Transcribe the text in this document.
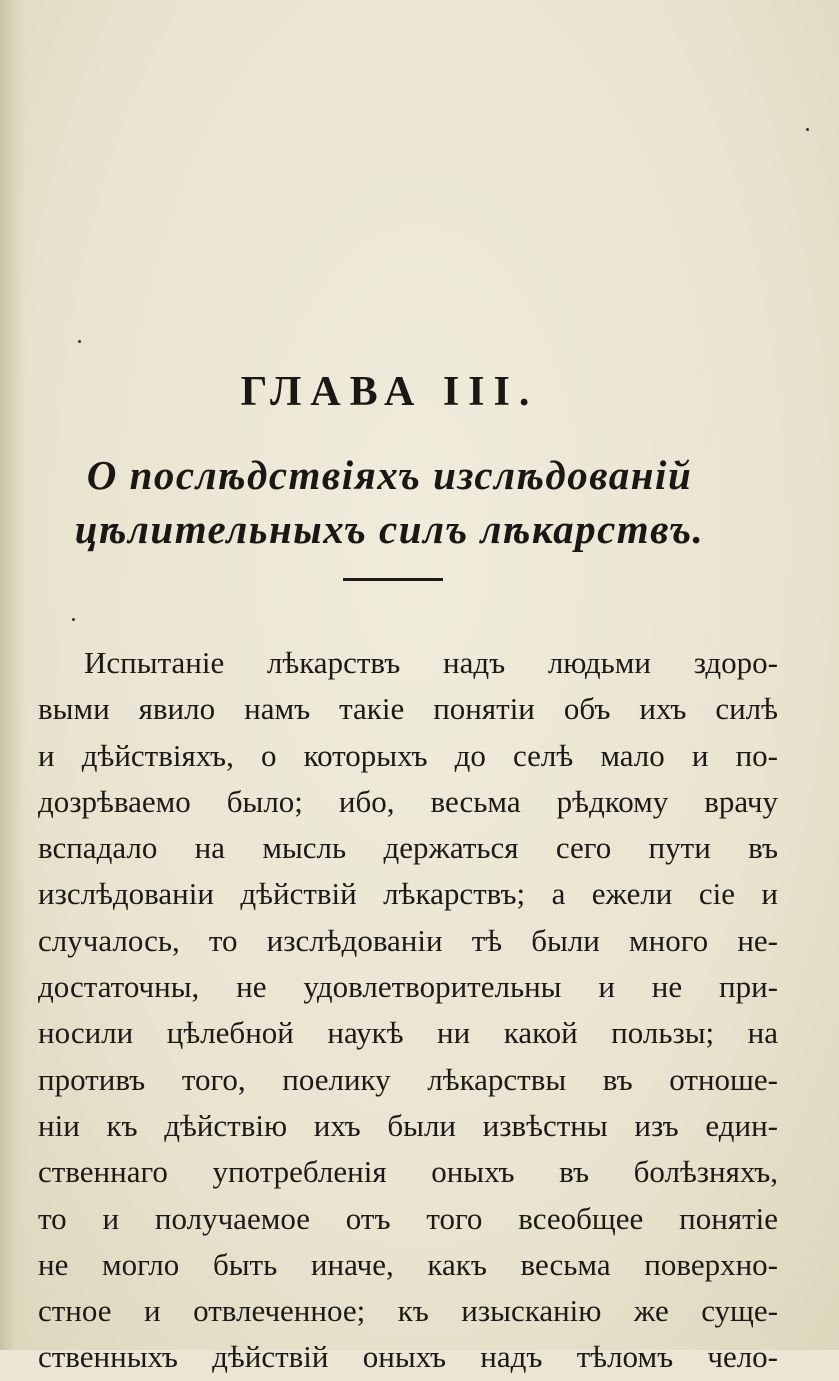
ГЛАВА III.
О послѣдствіяхъ изслѣдованій
цѣлительныхъ силъ лѣкарствъ.
Испытаніе лѣкарствъ надъ людьми здоро-
выми явило намъ такіе понятіи объ ихъ силѣ
и дѣйствіяхъ, о которыхъ до селѣ мало и по-
дозрѣваемо было; ибо, весьма рѣдкому врачу
вспадало на мысль держаться сего пути въ
изслѣдованіи дѣйствій лѣкарствъ; а ежели сіе и
случалось, то изслѣдованіи тѣ были много не-
достаточны, не удовлетворительны и не при-
носили цѣлебной наукѣ ни какой пользы; на
противъ того, поелику лѣкарствы въ отноше-
ніи къ дѣйствію ихъ были извѣстны изъ един-
ственнаго употребленія оныхъ въ болѣзняхъ,
то и получаемое отъ того всеобщее понятіе
не могло быть иначе, какъ весьма поверхно-
стное и отвлеченное; къ изысканію же суще-
ственныхъ дѣйствій оныхъ надъ тѣломъ чело-
